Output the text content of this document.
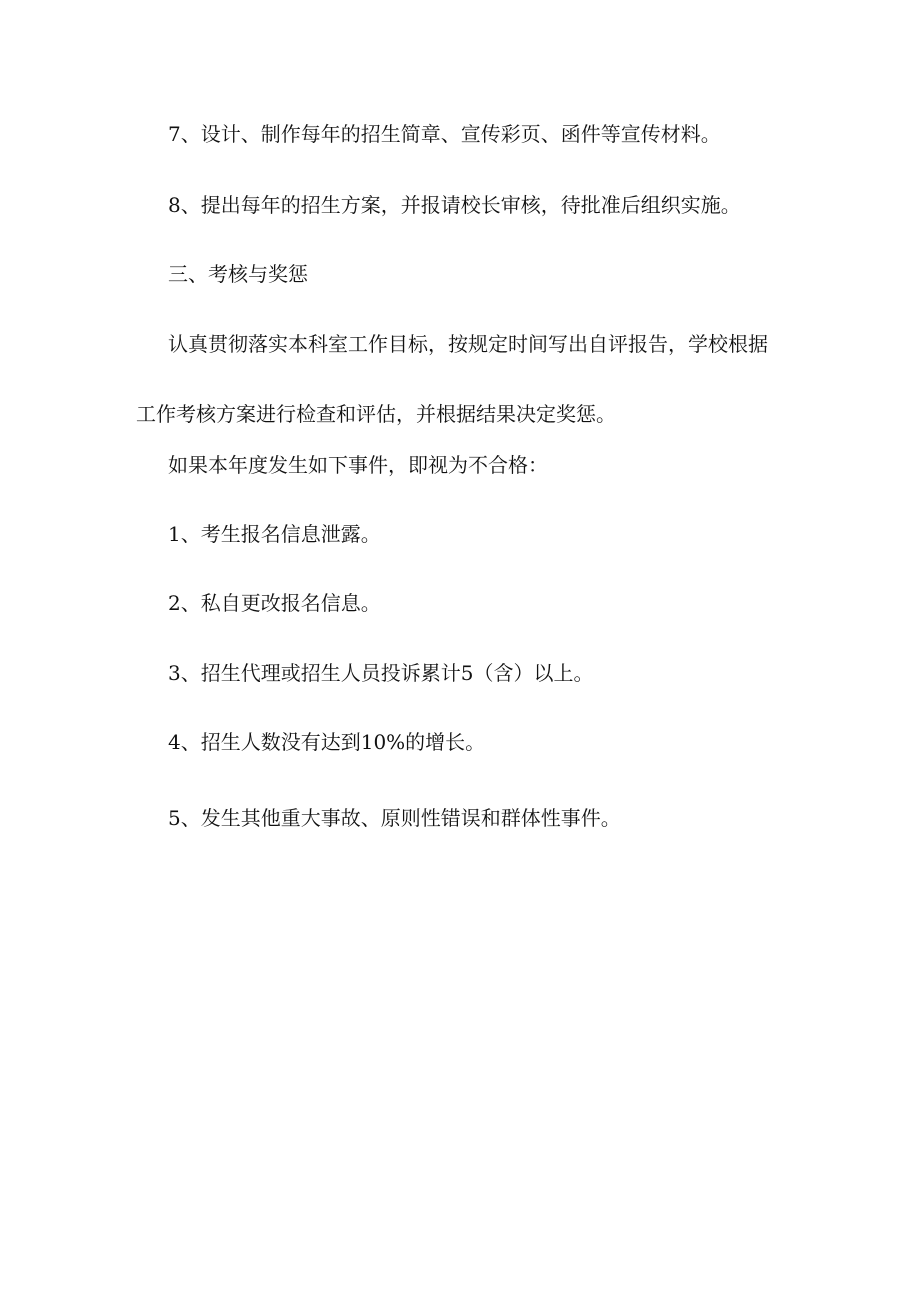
7、设计、制作每年的招生简章、宣传彩页、函件等宣传材料。

8、提出每年的招生方案，并报请校长审核，待批准后组织实施。

三、考核与奖惩

认真贯彻落实本科室工作目标，按规定时间写出自评报告，学校根据
工作考核方案进行检查和评估，并根据结果决定奖惩。

如果本年度发生如下事件，即视为不合格：

1、考生报名信息泄露。

2、私自更改报名信息。

3、招生代理或招生人员投诉累计5（含）以上。

4、招生人数没有达到10%的增长。

5、发生其他重大事故、原则性错误和群体性事件。
